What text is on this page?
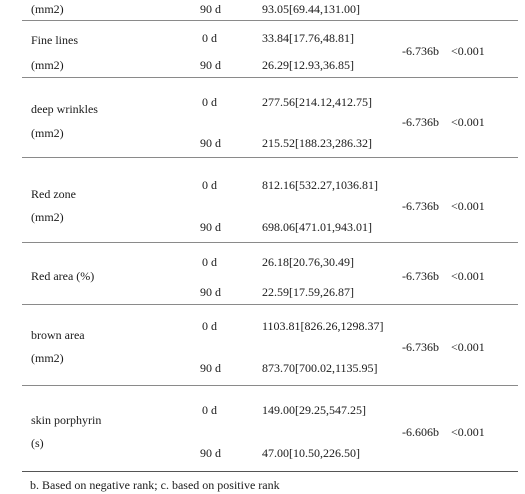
(mm2)	90 d	93.05[69.44,131.00]
Fine lines
(mm2)
0 d	33.84[17.76,48.81]
90 d	26.29[12.93,36.85]
-6.736b <0.001
deep wrinkles
(mm2)
0 d	277.56[214.12,412.75]
90 d	215.52[188.23,286.32]
-6.736b <0.001
Red zone
(mm2)
0 d	812.16[532.27,1036.81]
90 d	698.06[471.01,943.01]
-6.736b <0.001
Red area (%)
0 d	26.18[20.76,30.49]
90 d	22.59[17.59,26.87]
-6.736b <0.001
brown area
(mm2)
0 d	1103.81[826.26,1298.37]
90 d	873.70[700.02,1135.95]
-6.736b <0.001
skin porphyrin
(s)
0 d	149.00[29.25,547.25]
90 d	47.00[10.50,226.50]
-6.606b <0.001
b. Based on negative rank; c. based on positive rank
